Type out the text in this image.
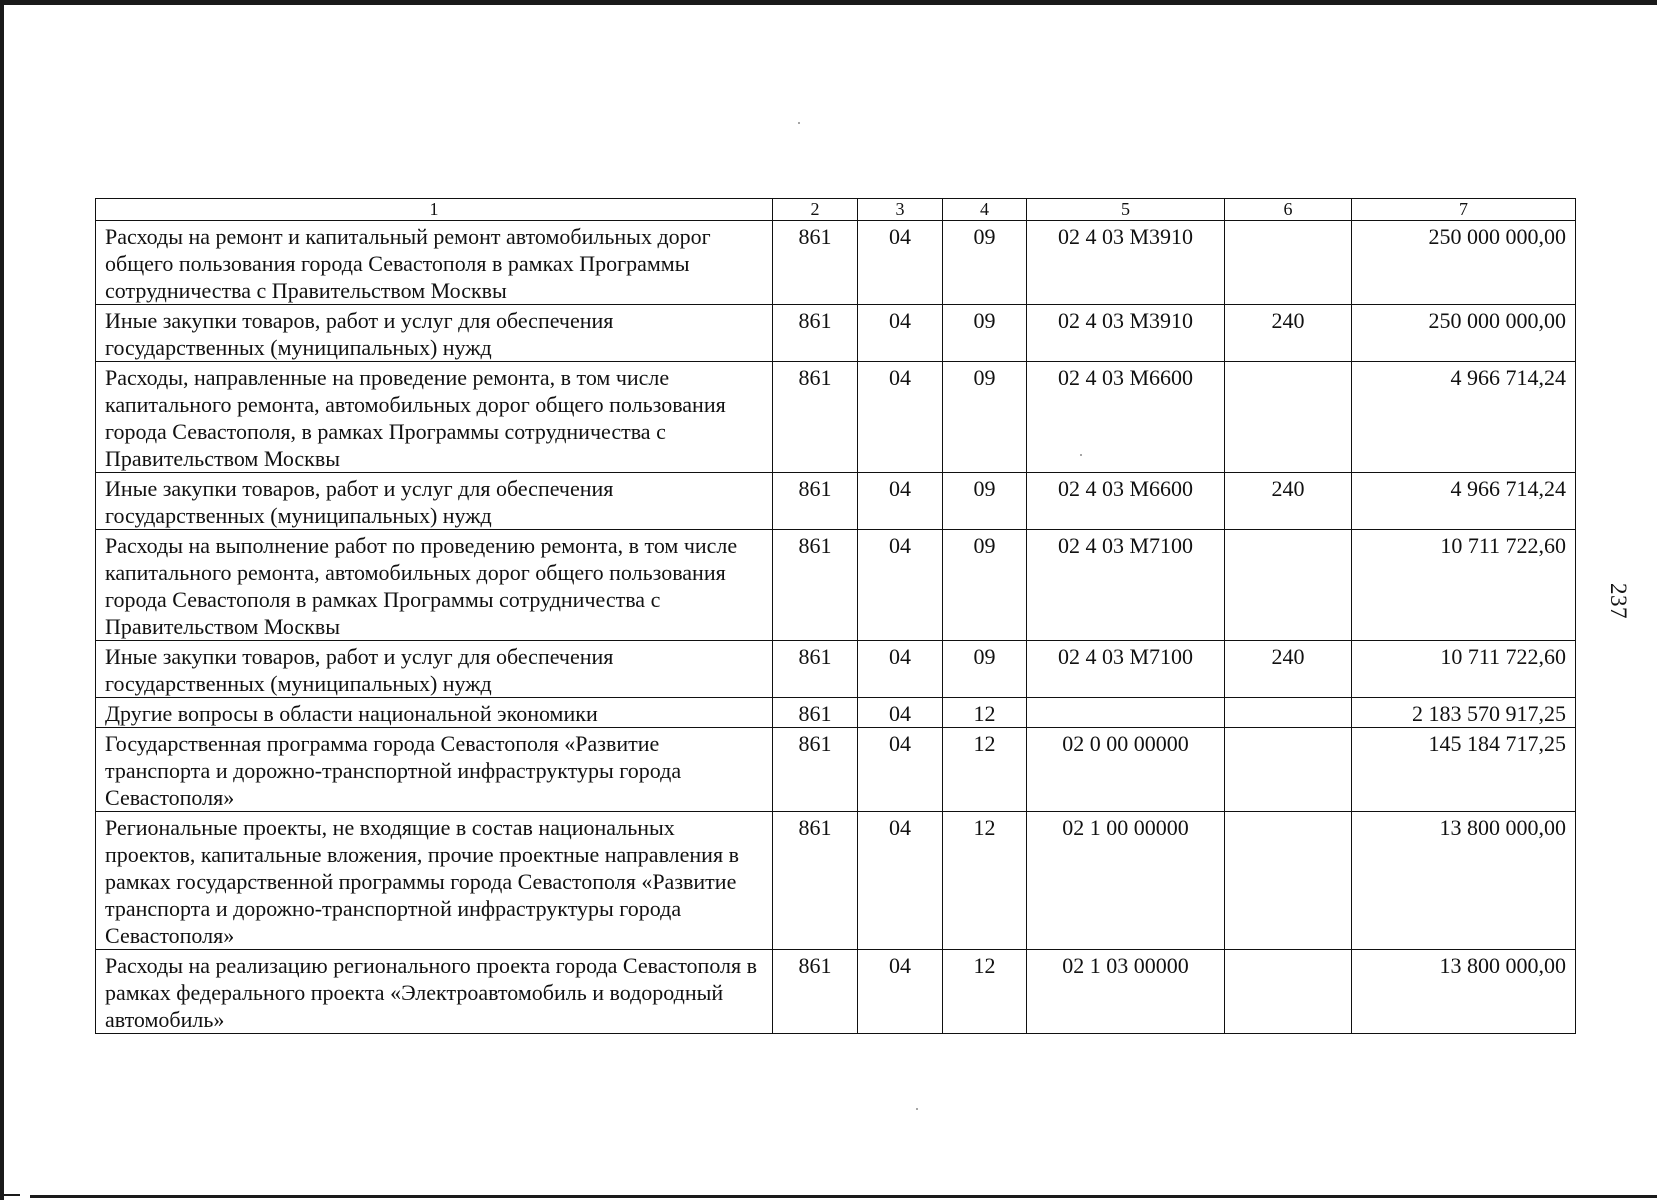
237
1	2	3	4	5	6	7
Расходы на ремонт и капитальный ремонт автомобильных дорог общего пользования города Севастополя в рамках Программы сотрудничества с Правительством Москвы	861	04	09	02 4 03 М3910		250 000 000,00
Иные закупки товаров, работ и услуг для обеспечения государственных (муниципальных) нужд	861	04	09	02 4 03 М3910	240	250 000 000,00
Расходы, направленные на проведение ремонта, в том числе капитального ремонта, автомобильных дорог общего пользования города Севастополя, в рамках Программы сотрудничества с Правительством Москвы	861	04	09	02 4 03 М6600		4 966 714,24
Иные закупки товаров, работ и услуг для обеспечения государственных (муниципальных) нужд	861	04	09	02 4 03 М6600	240	4 966 714,24
Расходы на выполнение работ по проведению ремонта, в том числе капитального ремонта, автомобильных дорог общего пользования города Севастополя в рамках Программы сотрудничества с Правительством Москвы	861	04	09	02 4 03 М7100		10 711 722,60
Иные закупки товаров, работ и услуг для обеспечения государственных (муниципальных) нужд	861	04	09	02 4 03 М7100	240	10 711 722,60
Другие вопросы в области национальной экономики	861	04	12			2 183 570 917,25
Государственная программа города Севастополя «Развитие транспорта и дорожно-транспортной инфраструктуры города Севастополя»	861	04	12	02 0 00 00000		145 184 717,25
Региональные проекты, не входящие в состав национальных проектов, капитальные вложения, прочие проектные направления в рамках государственной программы города Севастополя «Развитие транспорта и дорожно-транспортной инфраструктуры города Севастополя»	861	04	12	02 1 00 00000		13 800 000,00
Расходы на реализацию регионального проекта города Севастополя в рамках федерального проекта «Электроавтомобиль и водородный автомобиль»	861	04	12	02 1 03 00000		13 800 000,00
